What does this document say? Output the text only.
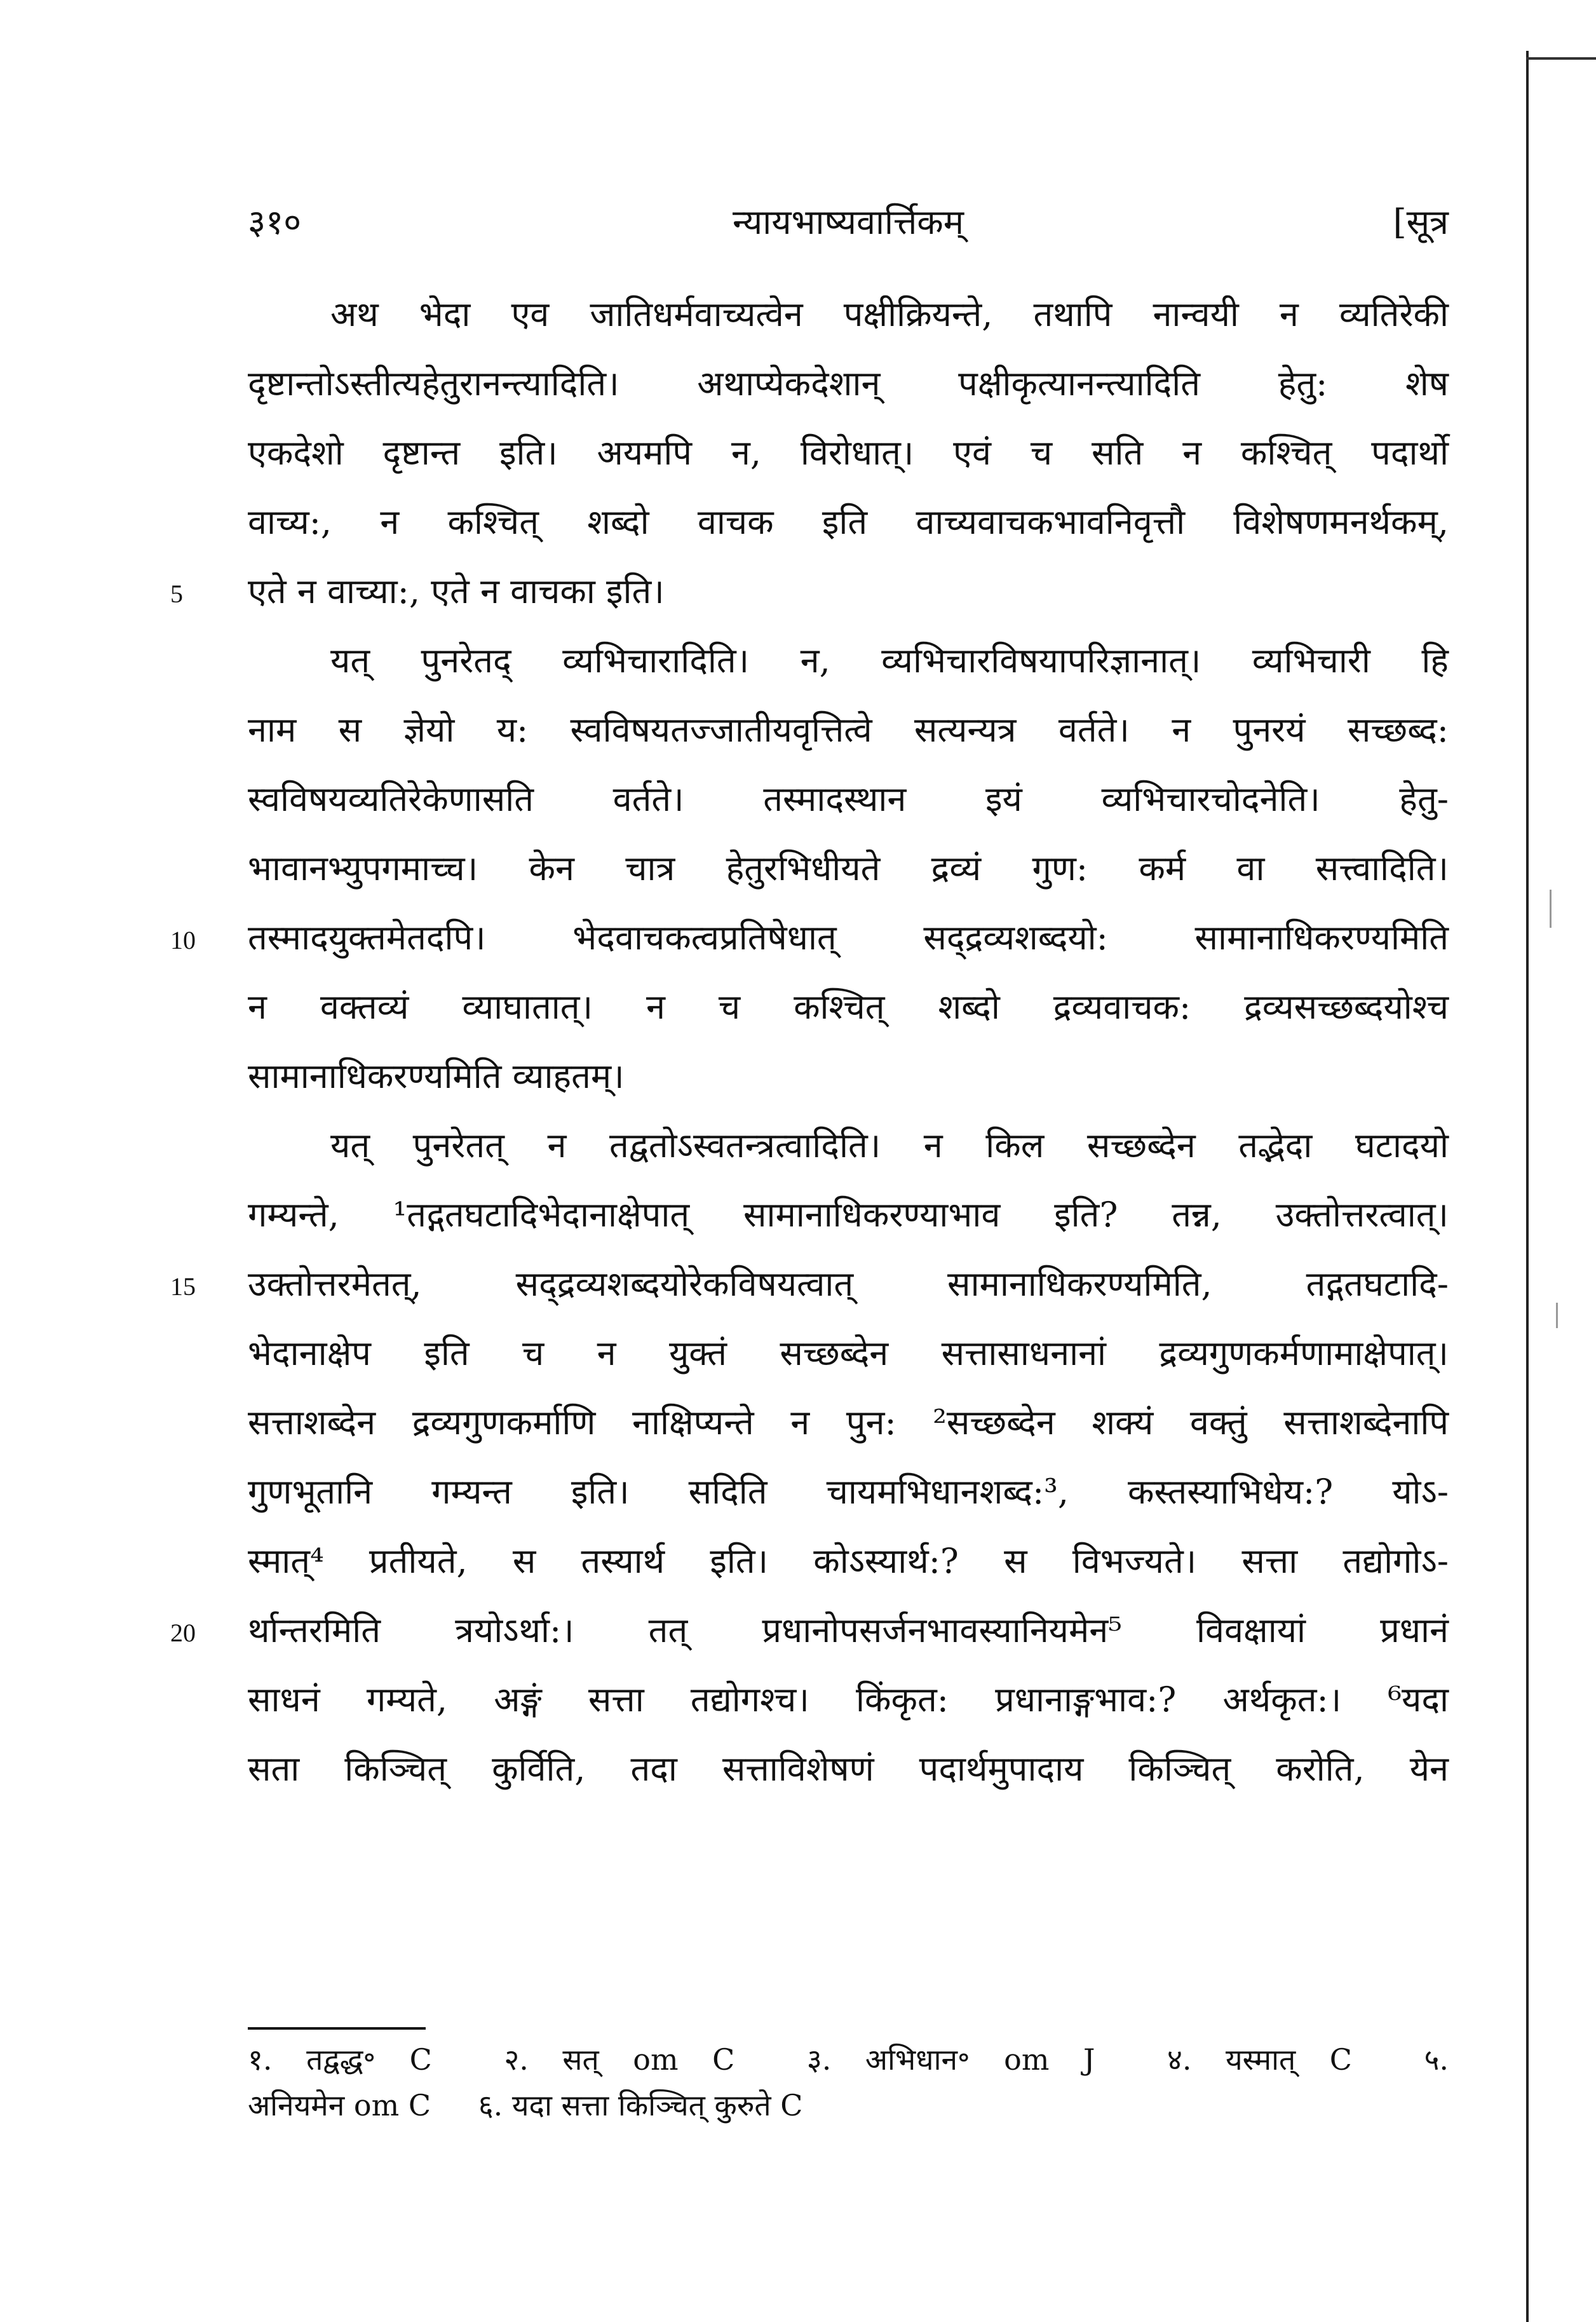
३१०	न्यायभाष्यवार्त्तिकम्	[सूत्र
अथ भेदा एव जातिधर्मवाच्यत्वेन पक्षीक्रियन्ते, तथापि नान्वयी न व्यतिरेकी
दृष्टान्तोऽस्तीत्यहेतुरानन्त्यादिति। अथाप्येकदेशान् पक्षीकृत्यानन्त्यादिति हेतु: शेष
एकदेशो दृष्टान्त इति। अयमपि न, विरोधात्। एवं च सति न कश्चित् पदार्थो
वाच्य:, न कश्चित् शब्दो वाचक इति वाच्यवाचकभावनिवृत्तौ विशेषणमनर्थकम्,
5	एते न वाच्या:, एते न वाचका इति।
यत् पुनरेतद् व्यभिचारादिति। न, व्यभिचारविषयापरिज्ञानात्। व्यभिचारी हि
नाम स ज्ञेयो य: स्वविषयतज्जातीयवृत्तित्वे सत्यन्यत्र वर्तते। न पुनरयं सच्छब्द:
स्वविषयव्यतिरेकेणासति वर्तते। तस्मादस्थान इयं व्यभिचारचोदनेति। हेतु-
भावानभ्युपगमाच्च। केन चात्र हेतुरभिधीयते द्रव्यं गुण: कर्म वा सत्त्वादिति।
10	तस्मादयुक्तमेतदपि। भेदवाचकत्वप्रतिषेधात् सद्‌द्रव्यशब्दयो: सामानाधिकरण्यमिति
न वक्तव्यं व्याघातात्। न च कश्चित् शब्दो द्रव्यवाचक: द्रव्यसच्छब्दयोश्च
सामानाधिकरण्यमिति व्याहतम्।
यत् पुनरेतत् न तद्वतोऽस्वतन्त्रत्वादिति। न किल सच्छब्देन तद्भेदा घटादयो
गम्यन्ते, ¹तद्गतघटादिभेदानाक्षेपात् सामानाधिकरण्याभाव इति? तन्न, उक्तोत्तरत्वात्।
15	उक्तोत्तरमेतत्, सद्‌द्रव्यशब्दयोरेकविषयत्वात् सामानाधिकरण्यमिति, तद्गतघटादि-
भेदानाक्षेप इति च न युक्तं सच्छब्देन सत्तासाधनानां द्रव्यगुणकर्मणामाक्षेपात्।
सत्ताशब्देन द्रव्यगुणकर्माणि नाक्षिप्यन्ते न पुन: ²सच्छब्देन शक्यं वक्तुं सत्ताशब्देनापि
गुणभूतानि गम्यन्त इति। सदिति चायमभिधानशब्द:³, कस्तस्याभिधेय:? योऽ-
स्मात्⁴ प्रतीयते, स तस्यार्थ इति। कोऽस्यार्थ:? स विभज्यते। सत्ता तद्योगोऽ-
20	र्थान्तरमिति त्रयोऽर्था:। तत् प्रधानोपसर्जनभावस्यानियमेन⁵ विवक्षायां प्रधानं
साधनं गम्यते, अङ्गं सत्ता तद्योगश्च। किंकृत: प्रधानाङ्गभाव:? अर्थकृत:। ⁶यदा
सता किञ्चित् कुर्विति, तदा सत्ताविशेषणं पदार्थमुपादाय किञ्चित् करोति, येन
१. तद्वद्ध॰ C २. सत् om C ३. अभिधान॰ om J ४. यस्मात् C ५.
अनियमेन om C ६. यदा सत्ता किञ्चित् कुरुते C
